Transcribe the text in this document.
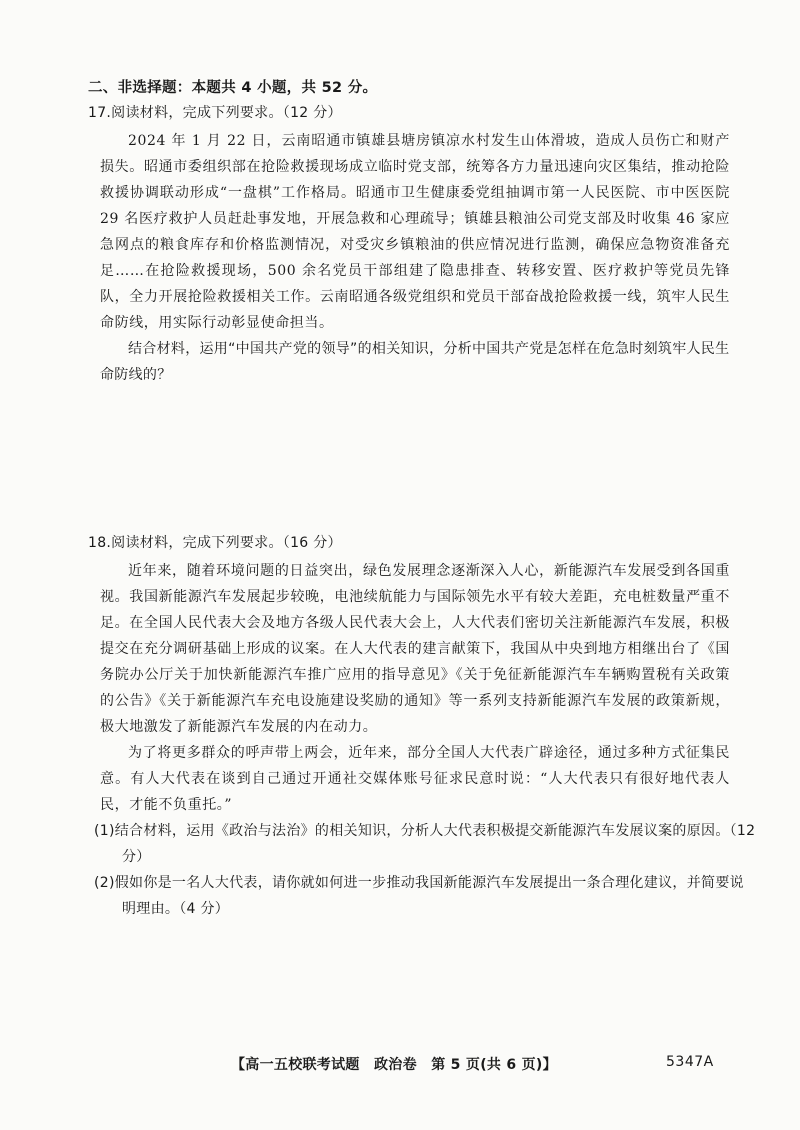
二、非选择题：本题共 4 小题，共 52 分。
17.阅读材料，完成下列要求。（12 分）
2024 年 1 月 22 日，云南昭通市镇雄县塘房镇凉水村发生山体滑坡，造成人员伤亡和财产损失。昭通市委组织部在抢险救援现场成立临时党支部，统筹各方力量迅速向灾区集结，推动抢险救援协调联动形成“一盘棋”工作格局。昭通市卫生健康委党组抽调市第一人民医院、市中医医院 29 名医疗救护人员赶赴事发地，开展急救和心理疏导；镇雄县粮油公司党支部及时收集 46 家应急网点的粮食库存和价格监测情况，对受灾乡镇粮油的供应情况进行监测，确保应急物资准备充足……在抢险救援现场，500 余名党员干部组建了隐患排查、转移安置、医疗救护等党员先锋队，全力开展抢险救援相关工作。云南昭通各级党组织和党员干部奋战抢险救援一线，筑牢人民生命防线，用实际行动彰显使命担当。
结合材料，运用“中国共产党的领导”的相关知识，分析中国共产党是怎样在危急时刻筑牢人民生命防线的？
18.阅读材料，完成下列要求。（16 分）
近年来，随着环境问题的日益突出，绿色发展理念逐渐深入人心，新能源汽车发展受到各国重视。我国新能源汽车发展起步较晚，电池续航能力与国际领先水平有较大差距，充电桩数量严重不足。在全国人民代表大会及地方各级人民代表大会上，人大代表们密切关注新能源汽车发展，积极提交在充分调研基础上形成的议案。在人大代表的建言献策下，我国从中央到地方相继出台了《国务院办公厅关于加快新能源汽车推广应用的指导意见》《关于免征新能源汽车车辆购置税有关政策的公告》《关于新能源汽车充电设施建设奖励的通知》等一系列支持新能源汽车发展的政策新规，极大地激发了新能源汽车发展的内在动力。
为了将更多群众的呼声带上两会，近年来，部分全国人大代表广辟途径，通过多种方式征集民意。有人大代表在谈到自己通过开通社交媒体账号征求民意时说：“人大代表只有很好地代表人民，才能不负重托。”
(1)结合材料，运用《政治与法治》的相关知识，分析人大代表积极提交新能源汽车发展议案的原因。（12 分）
(2)假如你是一名人大代表，请你就如何进一步推动我国新能源汽车发展提出一条合理化建议，并简要说明理由。（4 分）
【高一五校联考试题　政治卷　第 5 页(共 6 页)】	5347A
